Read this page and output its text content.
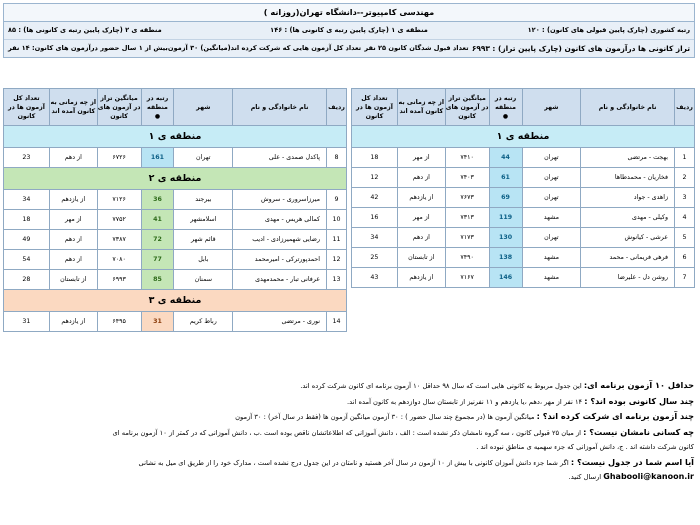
مهندسی کامپیوتر--دانشگاه تهران(روزانه )
رتبه کشوری (چارک پایین قبولی های کانون) : ۱۲۰
منطقه ی ۱ (چارک پایین رتبه ی کانونی ها) : ۱۴۶
منطقه ی ۲ (چارک پایین رتبه ی کانونی ها) : ۸۵
تراز کانونی ها درآزمون های کانون (چارک پایین تراز) : ۶۹۹۳
تعداد قبول شدگان کانون ۲۵ نفر
تعداد کل آزمون هایی که شرکت کرده اند(میانگین) ۳۰ آزمون
بیش از ۱ سال حضور درآزمون های کانون: ۱۴ نفر
ردیف	نام خانوادگی و نام	شهر	رتبه در منطقه
●	میانگین تراز در آزمون های کانون	از چه زمانی به کانون آمده اند	تعداد کل آزمون ها در کانون
منطقه ی ۱						
1	بهجت - مرتضی	تهران	44	۷۴۱۰	از مهر	18
2	فخاریان - محمدطاها	تهران	61	۷۴۰۳	از دهم	12
3	زاهدی - جواد	تهران	69	۷۶۷۳	از یازدهم	42
4	وکیلی - مهدی	مشهد	119	۷۳۱۳	از مهر	16
5	عرشی - کیانوش	تهران	130	۷۱۷۳	از دهم	34
6	فرهی فریمانی - محمد	مشهد	138	۷۴۹۰	از تابستان	25
7	روشن دل - علیرضا	مشهد	146	۷۱۶۷	از یازدهم	43
ردیف	نام خانوادگی و نام	شهر	رتبه در منطقه
●	میانگین تراز در آزمون های کانون	از چه زمانی به کانون آمده اند	تعداد کل آزمون ها در کانون
منطقه ی ۱						
8	پاکدل صمدی - علی	تهران	161	۶۷۲۶	از دهم	23
منطقه ی ۲						
9	میرزاسروری - سروش	بیرجند	36	۷۱۲۶	از یازدهم	34
10	کمالی هریس - مهدی	اسلامشهر	41	۷۷۵۲	از مهر	18
11	رضایی شهمیرزادی - ادیب	قائم شهر	72	۷۳۸۷	از دهم	49
12	احمدپورترکی - امیرمحمد	بابل	77	۷۰۸۰	از دهم	54
13	عرفانی تبار - محمدمهدی	سمنان	85	۶۹۹۳	از تابستان	28
منطقه ی ۳						
14	نوری - مرتضی	رباط کریم	31	۶۴۹۵	از یازدهم	31

حداقل ۱۰ آزمون برنامه ای: این جدول مربوط به کانونی هایی است که سال ۹۸ حداقل ۱۰ آزمون برنامه ای کانون شرکت کرده اند.

چند سال کانونی بوده اند؟ : ۱۴ نفر از مهر ،دهم ،یا یازدهم و ۱۱ نفرنیز از تابستان سال دوازدهم به کانون آمده اند.

چند آزمون برنامه ای شرکت کرده اند؟ : میانگین آزمون ها (در مجموع چند سال حضور ) : ۳۰ آزمون میانگین آزمون ها (فقط در سال آخر) : ۳۰ آزمون

چه کسانی نامشان نیست؟ : از میان ۲۵ قبولی کانون ، سه گروه نامشان ذکر نشده است : الف ، دانش آموزانی که اطلاعاتشان ناقص بوده است .ب ، دانش آموزانی که در کمتر از ۱۰ آزمون برنامه ای

کانون شرکت داشته اند . ج، دانش آموزانی که جزء سهمیه ی مناطق نبوده اند .

آیا اسم شما در جدول نیست؟ : اگر شما جزء دانش آموزان کانونی با بیش از ۱۰ آزمون در سال آخر هستید و نامتان در این جدول درج نشده است ، مدارک خود را از طریق ای میل به نشانی

Ghabooli@kanoon.ir ارسال کنید.
